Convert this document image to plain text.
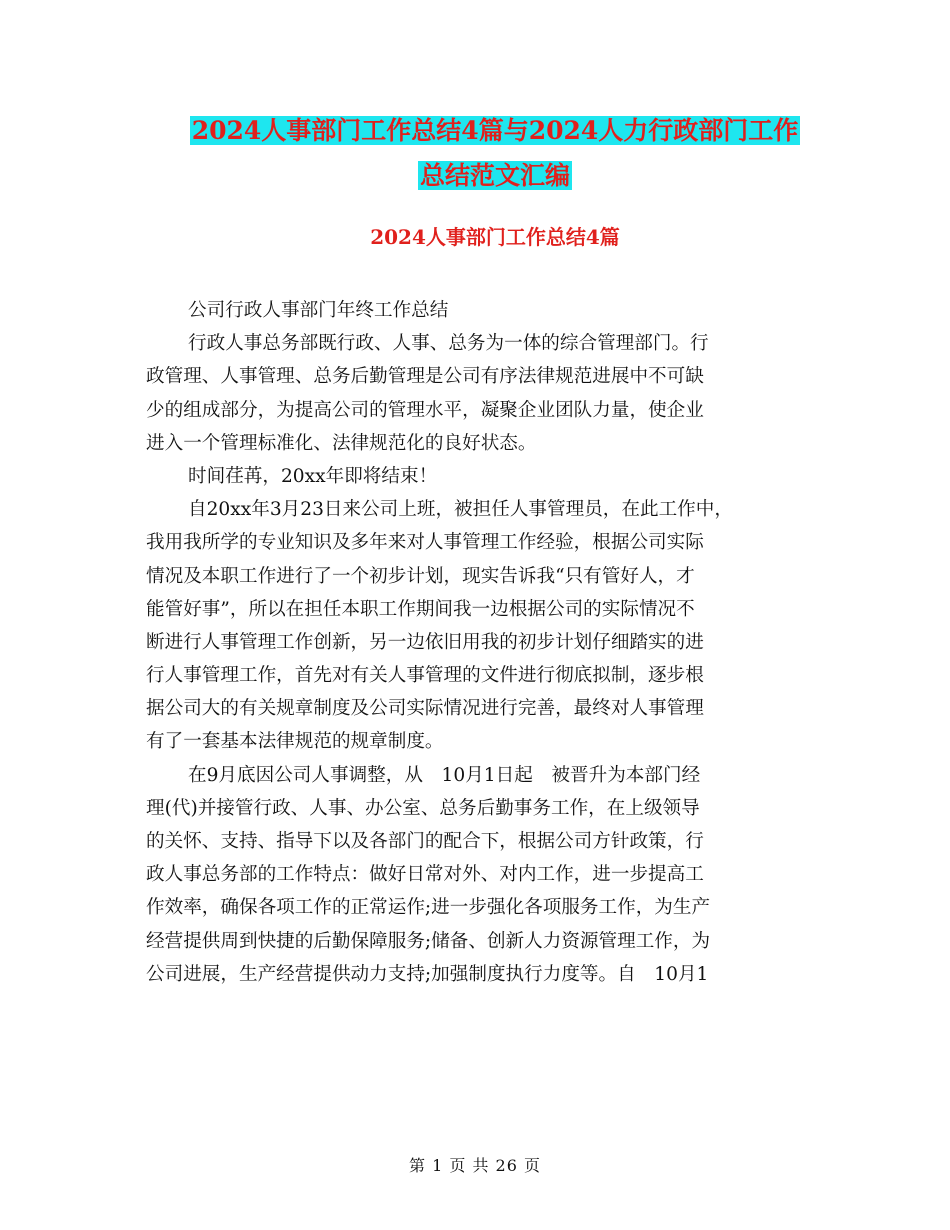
2024人事部门工作总结4篇与2024人力行政部门工作
总结范文汇编
2024人事部门工作总结4篇
公司行政人事部门年终工作总结
行政人事总务部既行政、人事、总务为一体的综合管理部门。行
政管理、人事管理、总务后勤管理是公司有序法律规范进展中不可缺
少的组成部分，为提高公司的管理水平，凝聚企业团队力量，使企业
进入一个管理标准化、法律规范化的良好状态。
时间荏苒，20xx年即将结束！
自20xx年3月23日来公司上班，被担任人事管理员，在此工作中，
我用我所学的专业知识及多年来对人事管理工作经验，根据公司实际
情况及本职工作进行了一个初步计划，现实告诉我“只有管好人，才
能管好事”，所以在担任本职工作期间我一边根据公司的实际情况不
断进行人事管理工作创新，另一边依旧用我的初步计划仔细踏实的进
行人事管理工作，首先对有关人事管理的文件进行彻底拟制，逐步根
据公司大的有关规章制度及公司实际情况进行完善，最终对人事管理
有了一套基本法律规范的规章制度。
在9月底因公司人事调整，从　10月1日起　被晋升为本部门经
理(代)并接管行政、人事、办公室、总务后勤事务工作，在上级领导
的关怀、支持、指导下以及各部门的配合下，根据公司方针政策，行
政人事总务部的工作特点：做好日常对外、对内工作，进一步提高工
作效率，确保各项工作的正常运作;进一步强化各项服务工作，为生产
经营提供周到快捷的后勤保障服务;储备、创新人力资源管理工作，为
公司进展，生产经营提供动力支持;加强制度执行力度等。自　10月1
第 1 页 共 26 页
